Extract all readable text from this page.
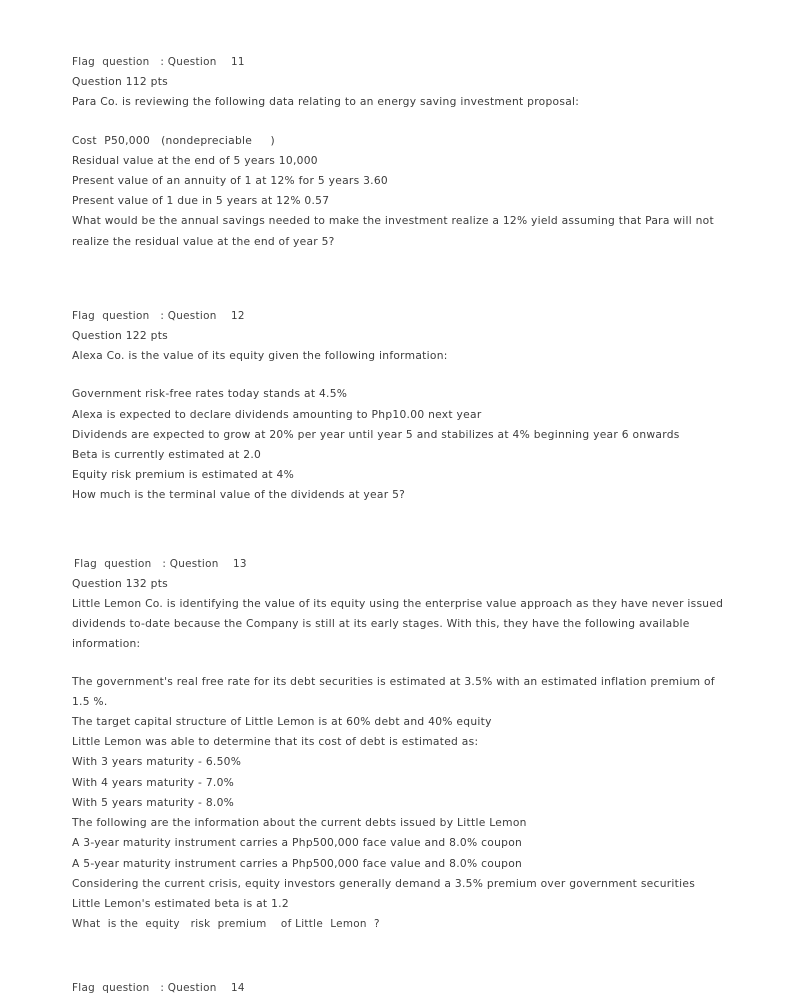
Flag  question   : Question    11
Question 112 pts
Para Co. is reviewing the following data relating to an energy saving investment proposal:
Cost  P50,000   (nondepreciable     )
Residual value at the end of 5 years 10,000
Present value of an annuity of 1 at 12% for 5 years 3.60
Present value of 1 due in 5 years at 12% 0.57
What would be the annual savings needed to make the investment realize a 12% yield assuming that Para will not realize the residual value at the end of year 5?
Flag  question   : Question    12
Question 122 pts
Alexa Co. is the value of its equity given the following information:
Government risk-free rates today stands at 4.5%
Alexa is expected to declare dividends amounting to Php10.00 next year
Dividends are expected to grow at 20% per year until year 5 and stabilizes at 4% beginning year 6 onwards
Beta is currently estimated at 2.0
Equity risk premium is estimated at 4%
How much is the terminal value of the dividends at year 5?
Flag  question   : Question    13
Question 132 pts
Little Lemon Co. is identifying the value of its equity using the enterprise value approach as they have never issued dividends to-date because the Company is still at its early stages. With this, they have the following available information:
The government's real free rate for its debt securities is estimated at 3.5% with an estimated inflation premium of 1.5 %.
The target capital structure of Little Lemon is at 60% debt and 40% equity
Little Lemon was able to determine that its cost of debt is estimated as:
With 3 years maturity - 6.50%
With 4 years maturity - 7.0%
With 5 years maturity - 8.0%
The following are the information about the current debts issued by Little Lemon
A 3-year maturity instrument carries a Php500,000 face value and 8.0% coupon
A 5-year maturity instrument carries a Php500,000 face value and 8.0% coupon
Considering the current crisis, equity investors generally demand a 3.5% premium over government securities
Little Lemon's estimated beta is at 1.2
What  is the  equity   risk  premium    of Little  Lemon  ?
Flag  question   : Question    14
